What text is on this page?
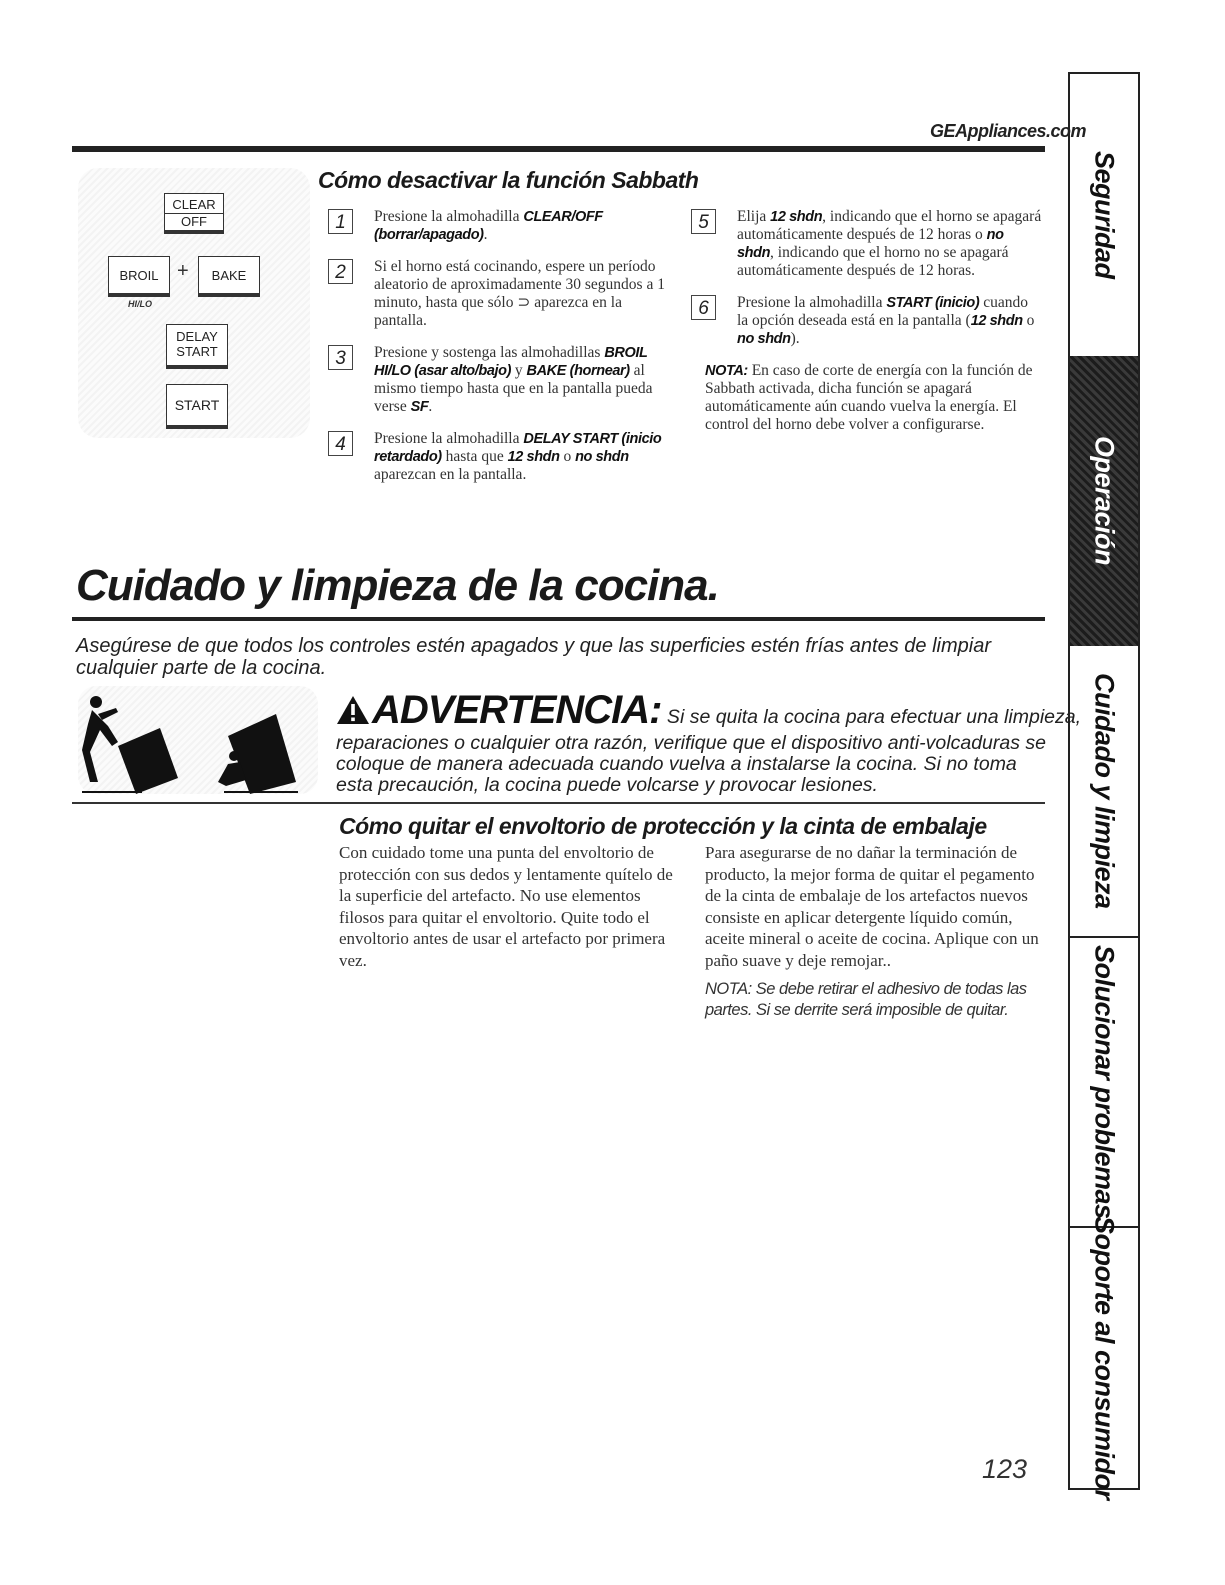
GEAppliances.com
CLEAR
OFF
BROIL +	BAKE
HI/LO
DELAY
START
START
Cómo desactivar la función Sabbath
1	Presione la almohadilla CLEAR/OFF (borrar/apagado).
2	Si el horno está cocinando, espere un período aleatorio de aproximadamente 30 segundos a 1 minuto, hasta que sólo ⊃ aparezca en la pantalla.
3	Presione y sostenga las almohadillas BROIL HI/LO (asar alto/bajo) y BAKE (hornear) al mismo tiempo hasta que en la pantalla pueda verse SF.
4	Presione la almohadilla DELAY START (inicio retardado) hasta que 12 shdn o no shdn aparezcan en la pantalla.
5	Elija 12 shdn, indicando que el horno se apagará automáticamente después de 12 horas o no shdn, indicando que el horno no se apagará automáticamente después de 12 horas.
6	Presione la almohadilla START (inicio) cuando la opción deseada está en la pantalla (12 shdn o no shdn).
NOTA: En caso de corte de energía con la función de Sabbath activada, dicha función se apagará automáticamente aún cuando vuelva la energía. El control del horno debe volver a configurarse.
Cuidado y limpieza de la cocina.
Asegúrese de que todos los controles estén apagados y que las superficies estén frías antes de limpiar cualquier parte de la cocina.
ADVERTENCIA: Si se quita la cocina para efectuar una limpieza,
reparaciones o cualquier otra razón, verifique que el dispositivo anti-volcaduras se coloque de manera adecuada cuando vuelva a instalarse la cocina. Si no toma esta precaución, la cocina puede volcarse y provocar lesiones.
Cómo quitar el envoltorio de protección y la cinta de embalaje
Con cuidado tome una punta del envoltorio de protección con sus dedos y lentamente quítelo de la superficie del artefacto. No use elementos filosos para quitar el envoltorio. Quite todo el envoltorio antes de usar el artefacto por primera vez.
Para asegurarse de no dañar la terminación de producto, la mejor forma de quitar el pegamento de la cinta de embalaje de los artefactos nuevos consiste en aplicar detergente líquido común, aceite mineral o aceite de cocina. Aplique con un paño suave y deje remojar..
NOTA: Se debe retirar el adhesivo de todas las partes. Si se derrite será imposible de quitar.
123
Seguridad
Operación
Cuidado y limpieza
Solucionar problemas
Soporte al consumidor
